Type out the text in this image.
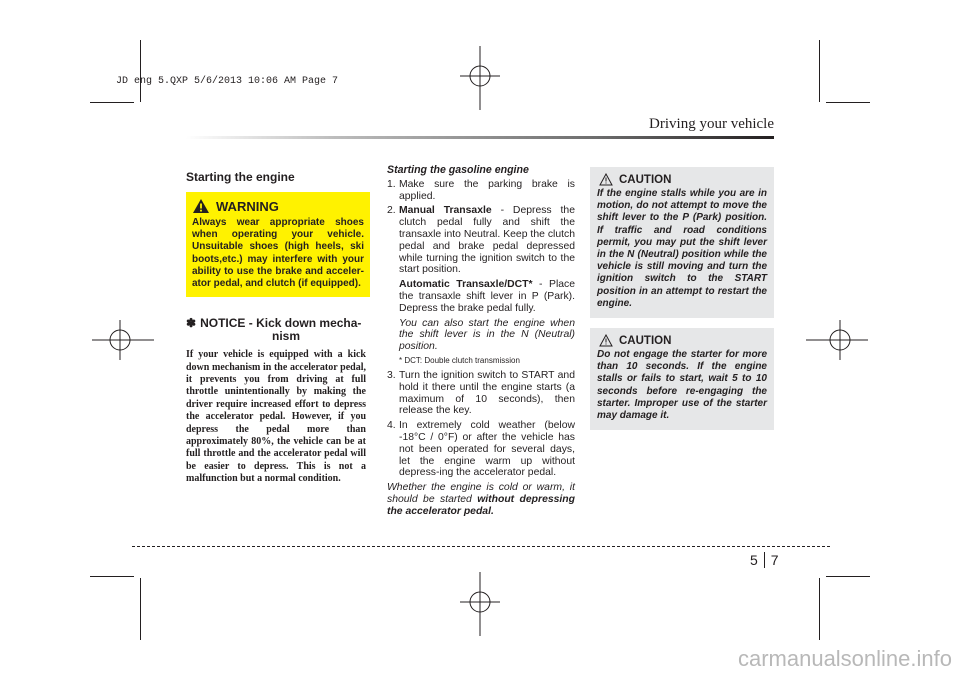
JD eng 5.QXP 5/6/2013 10:06 AM Page 7
Driving your vehicle
Starting the engine
WARNING
Always wear appropriate shoes when operating your vehicle. Unsuitable shoes (high heels, ski boots,etc.) may interfere with your ability to use the brake and acceler-ator pedal, and clutch (if equipped).
✽ NOTICE - Kick down mecha-
nism
If your vehicle is equipped with a kick down mechanism in the accelerator pedal, it prevents you from driving at full throttle unintentionally by making the driver require increased effort to depress the accelerator pedal. However, if you depress the pedal more than approximately 80%, the vehicle can be at full throttle and the accelerator pedal will be easier to depress. This is not a malfunction but a normal condition.
Starting the gasoline engine
1. Make sure the parking brake is applied.
2. Manual Transaxle - Depress the clutch pedal fully and shift the transaxle into Neutral. Keep the clutch pedal and brake pedal depressed while turning the ignition switch to the start position.
Automatic Transaxle/DCT* - Place the transaxle shift lever in P (Park). Depress the brake pedal fully.
You can also start the engine when the shift lever is in the N (Neutral) position.
* DCT: Double clutch transmission
3. Turn the ignition switch to START and hold it there until the engine starts (a maximum of 10 seconds), then release the key.
4. In extremely cold weather (below -18°C / 0°F) or after the vehicle has not been operated for several days, let the engine warm up without depress-ing the accelerator pedal.
Whether the engine is cold or warm, it should be started without depressing the accelerator pedal.
CAUTION
If the engine stalls while you are in motion, do not attempt to move the shift lever to the P (Park) position. If traffic and road conditions permit, you may put the shift lever in the N (Neutral) position while the vehicle is still moving and turn the ignition switch to the START position in an attempt to restart the engine.
CAUTION
Do not engage the starter for more than 10 seconds. If the engine stalls or fails to start, wait 5 to 10 seconds before re-engaging the starter. Improper use of the starter may damage it.
5 7
carmanualsonline.info
